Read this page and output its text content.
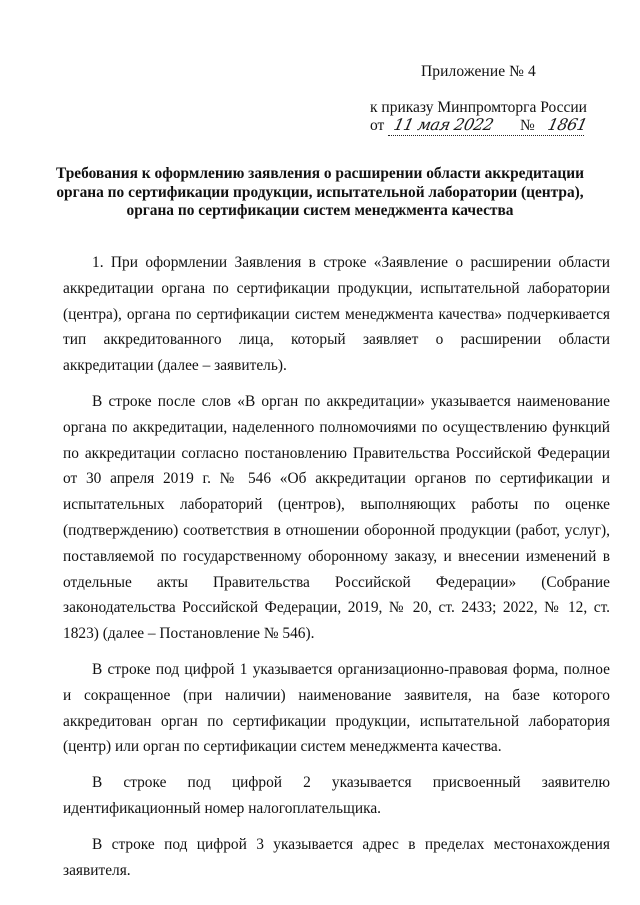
Приложение № 4
к приказу Минпромторга России
от 11 мая 2022 № 1861
Требования к оформлению заявления о расширении области аккредитации органа по сертификации продукции, испытательной лаборатории (центра), органа по сертификации систем менеджмента качества

1. При оформлении Заявления в строке «Заявление о расширении области аккредитации органа по сертификации продукции, испытательной лаборатории (центра), органа по сертификации систем менеджмента качества» подчеркивается тип аккредитованного лица, который заявляет о расширении области аккредитации (далее – заявитель).

В строке после слов «В орган по аккредитации» указывается наименование органа по аккредитации, наделенного полномочиями по осуществлению функций по аккредитации согласно постановлению Правительства Российской Федерации от 30 апреля 2019 г. № 546 «Об аккредитации органов по сертификации и испытательных лабораторий (центров), выполняющих работы по оценке (подтверждению) соответствия в отношении оборонной продукции (работ, услуг), поставляемой по государственному оборонному заказу, и внесении изменений в отдельные акты Правительства Российской Федерации» (Собрание законодательства Российской Федерации, 2019, № 20, ст. 2433; 2022, № 12, ст. 1823) (далее – Постановление № 546).

В строке под цифрой 1 указывается организационно-правовая форма, полное и сокращенное (при наличии) наименование заявителя, на базе которого аккредитован орган по сертификации продукции, испытательной лаборатория (центр) или орган по сертификации систем менеджмента качества.

В строке под цифрой 2 указывается присвоенный заявителю идентификационный номер налогоплательщика.

В строке под цифрой 3 указывается адрес в пределах местонахождения заявителя.
